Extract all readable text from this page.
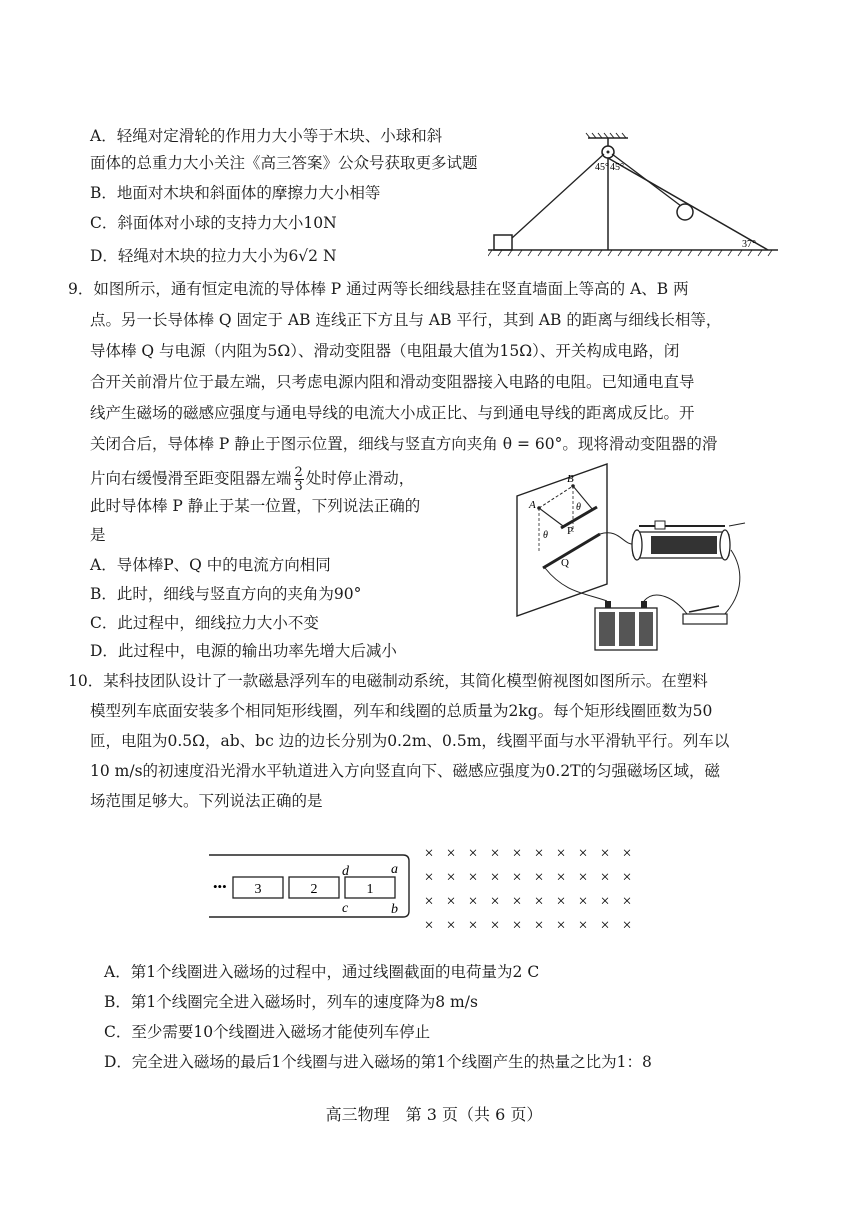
A．轻绳对定滑轮的作用力大小等于木块、小球和斜
面体的总重力大小关注《高三答案》公众号获取更多试题
B．地面对木块和斜面体的摩擦力大小相等
C．斜面体对小球的支持力大小10N
D．轻绳对木块的拉力大小为6√2 N
45° 45°
37°
9．如图所示，通有恒定电流的导体棒 P 通过两等长细线悬挂在竖直墙面上等高的 A、B 两
点。另一长导体棒 Q 固定于 AB 连线正下方且与 AB 平行，其到 AB 的距离与细线长相等，
导体棒 Q 与电源（内阻为5Ω）、滑动变阻器（电阻最大值为15Ω）、开关构成电路，闭
合开关前滑片位于最左端，只考虑电源内阻和滑动变阻器接入电路的电阻。已知通电直导
线产生磁场的磁感应强度与通电导线的电流大小成正比、与到通电导线的距离成反比。开
关闭合后，导体棒 P 静止于图示位置，细线与竖直方向夹角 θ = 60°。现将滑动变阻器的滑
片向右缓慢滑至距变阻器左端 $\frac{2}{3}$ 处时停止滑动，
此时导体棒 P 静止于某一位置，下列说法正确的
是
A．导体棒P、Q 中的电流方向相同
B．此时，细线与竖直方向的夹角为90°
C．此过程中，细线拉力大小不变
D．此过程中，电源的输出功率先增大后减小
A
B
P
Q
θ
θ
10．某科技团队设计了一款磁悬浮列车的电磁制动系统，其简化模型俯视图如图所示。在塑料
模型列车底面安装多个相同矩形线圈，列车和线圈的总质量为2kg。每个矩形线圈匝数为50
匝，电阻为0.5Ω，ab、bc 边的边长分别为0.2m、0.5m，线圈平面与水平滑轨平行。列车以
10 m/s的初速度沿光滑水平轨道进入方向竖直向下、磁感应强度为0.2T的匀强磁场区域，磁
场范围足够大。下列说法正确的是
••• 3	2	1
d
c
a
b
× × × × × × × × × ×
× × × × × × × × × ×
× × × × × × × × × ×
× × × × × × × × × ×
A．第1个线圈进入磁场的过程中，通过线圈截面的电荷量为2 C
B．第1个线圈完全进入磁场时，列车的速度降为8 m/s
C．至少需要10个线圈进入磁场才能使列车停止
D．完全进入磁场的最后1个线圈与进入磁场的第1个线圈产生的热量之比为1：8
高三物理　第 3 页（共 6 页）
